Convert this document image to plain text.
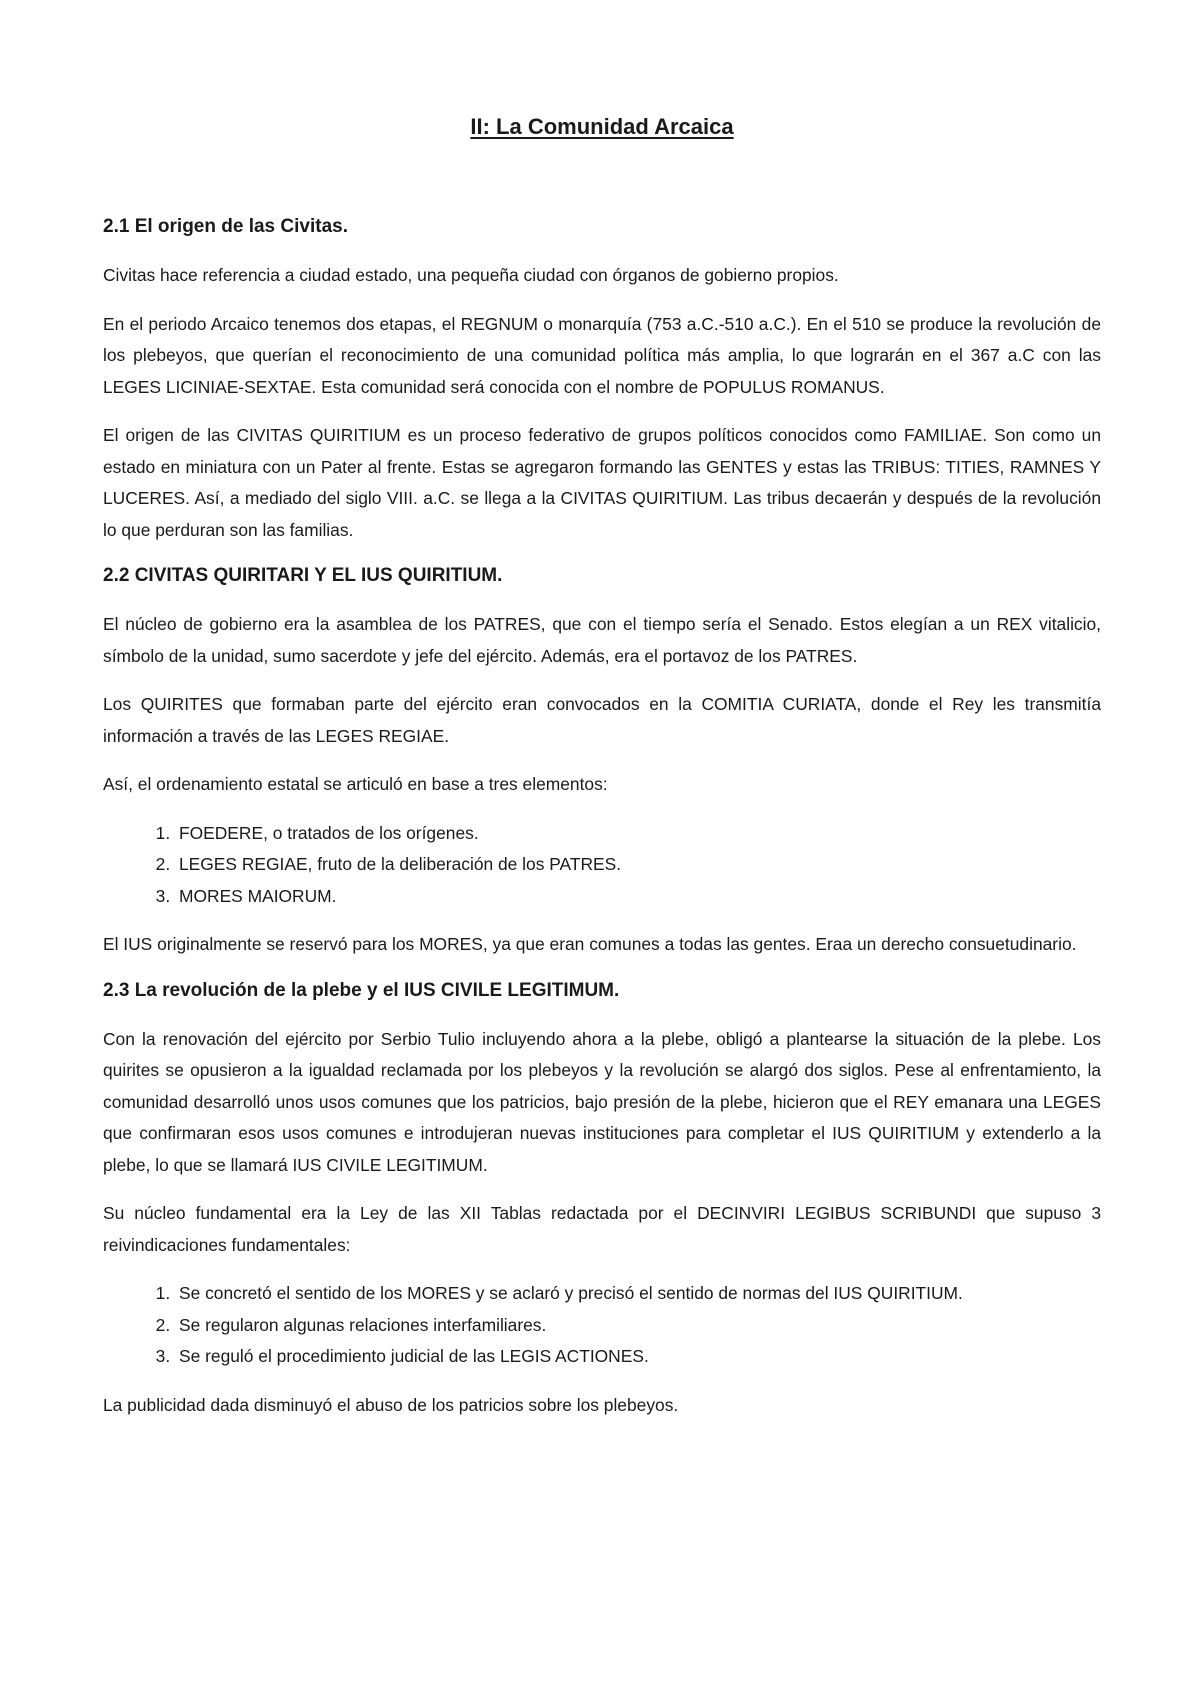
II: La Comunidad Arcaica
2.1 El origen de las Civitas.

Civitas hace referencia a ciudad estado, una pequeña ciudad con órganos de gobierno propios.

En el periodo Arcaico tenemos dos etapas, el REGNUM o monarquía (753 a.C.-510 a.C.). En el 510 se produce la revolución de los plebeyos, que querían el reconocimiento de una comunidad política más amplia, lo que lograrán en el 367 a.C con las LEGES LICINIAE-SEXTAE. Esta comunidad será conocida con el nombre de POPULUS ROMANUS.

El origen de las CIVITAS QUIRITIUM es un proceso federativo de grupos políticos conocidos como FAMILIAE. Son como un estado en miniatura con un Pater al frente. Estas se agregaron formando las GENTES y estas las TRIBUS: TITIES, RAMNES Y LUCERES. Así, a mediado del siglo VIII. a.C. se llega a la CIVITAS QUIRITIUM. Las tribus decaerán y después de la revolución lo que perduran son las familias.

2.2 CIVITAS QUIRITARI Y EL IUS QUIRITIUM.

El núcleo de gobierno era la asamblea de los PATRES, que con el tiempo sería el Senado. Estos elegían a un REX vitalicio, símbolo de la unidad, sumo sacerdote y jefe del ejército. Además, era el portavoz de los PATRES.

Los QUIRITES que formaban parte del ejército eran convocados en la COMITIA CURIATA, donde el Rey les transmitía información a través de las LEGES REGIAE.

Así, el ordenamiento estatal se articuló en base a tres elementos:

1. FOEDERE, o tratados de los orígenes.
2. LEGES REGIAE, fruto de la deliberación de los PATRES.
3. MORES MAIORUM.

El IUS originalmente se reservó para los MORES, ya que eran comunes a todas las gentes. Eraa un derecho consuetudinario.

2.3 La revolución de la plebe y el IUS CIVILE LEGITIMUM.

Con la renovación del ejército por Serbio Tulio incluyendo ahora a la plebe, obligó a plantearse la situación de la plebe. Los quirites se opusieron a la igualdad reclamada por los plebeyos y la revolución se alargó dos siglos. Pese al enfrentamiento, la comunidad desarrolló unos usos comunes que los patricios, bajo presión de la plebe, hicieron que el REY emanara una LEGES que confirmaran esos usos comunes e introdujeran nuevas instituciones para completar el IUS QUIRITIUM y extenderlo a la plebe, lo que se llamará IUS CIVILE LEGITIMUM.

Su núcleo fundamental era la Ley de las XII Tablas redactada por el DECINVIRI LEGIBUS SCRIBUNDI que supuso 3 reivindicaciones fundamentales:

1. Se concretó el sentido de los MORES y se aclaró y precisó el sentido de normas del IUS QUIRITIUM.
2. Se regularon algunas relaciones interfamiliares.
3. Se reguló el procedimiento judicial de las LEGIS ACTIONES.

La publicidad dada disminuyó el abuso de los patricios sobre los plebeyos.
